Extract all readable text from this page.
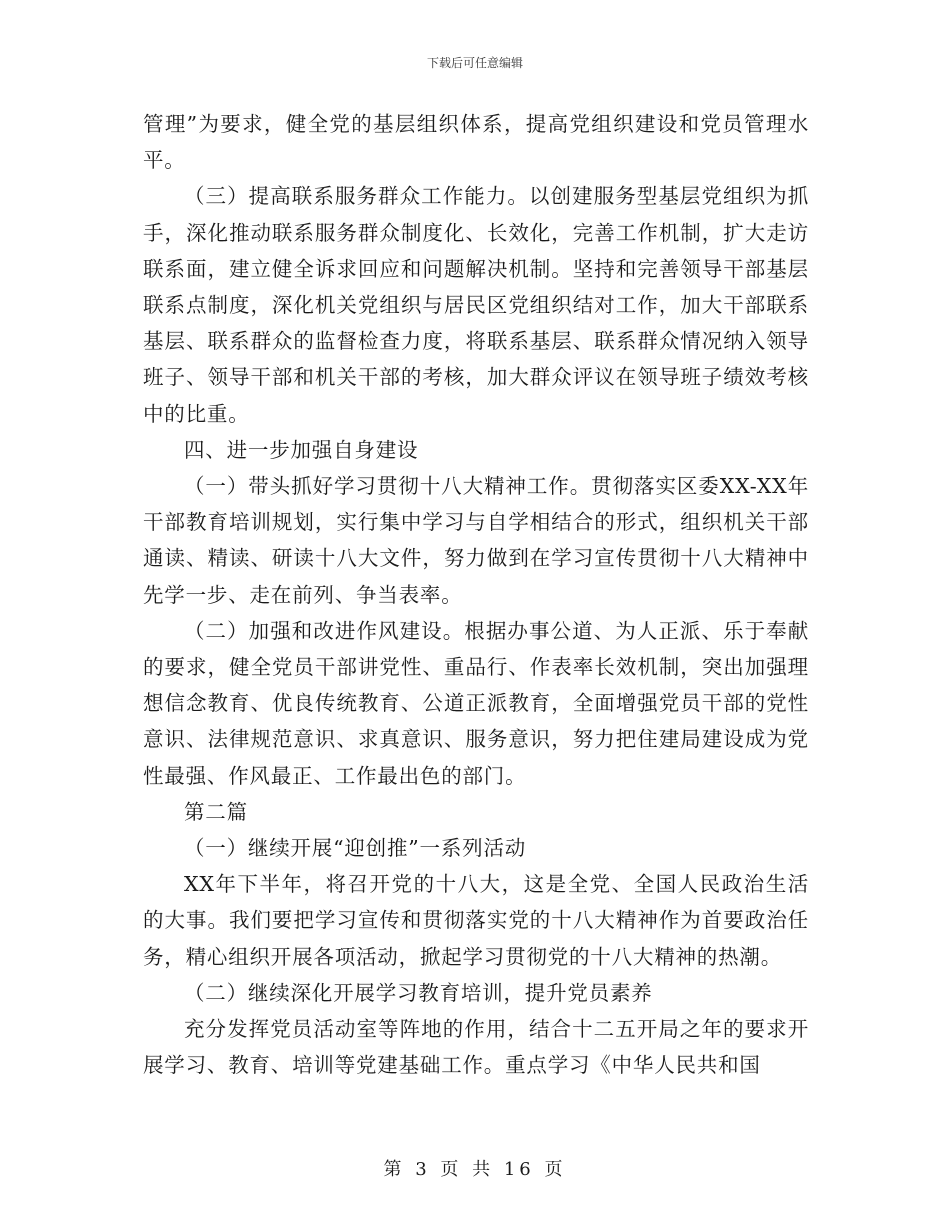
下载后可任意编辑

管理”为要求，健全党的基层组织体系，提高党组织建设和党员管理水平。

（三）提高联系服务群众工作能力。以创建服务型基层党组织为抓手，深化推动联系服务群众制度化、长效化，完善工作机制，扩大走访联系面，建立健全诉求回应和问题解决机制。坚持和完善领导干部基层联系点制度，深化机关党组织与居民区党组织结对工作，加大干部联系基层、联系群众的监督检查力度，将联系基层、联系群众情况纳入领导班子、领导干部和机关干部的考核，加大群众评议在领导班子绩效考核中的比重。

四、进一步加强自身建设

（一）带头抓好学习贯彻十八大精神工作。贯彻落实区委XX-XX年干部教育培训规划，实行集中学习与自学相结合的形式，组织机关干部通读、精读、研读十八大文件，努力做到在学习宣传贯彻十八大精神中先学一步、走在前列、争当表率。

（二）加强和改进作风建设。根据办事公道、为人正派、乐于奉献的要求，健全党员干部讲党性、重品行、作表率长效机制，突出加强理想信念教育、优良传统教育、公道正派教育，全面增强党员干部的党性意识、法律规范意识、求真意识、服务意识，努力把住建局建设成为党性最强、作风最正、工作最出色的部门。

第二篇

（一）继续开展“迎创推”一系列活动

XX年下半年，将召开党的十八大，这是全党、全国人民政治生活的大事。我们要把学习宣传和贯彻落实党的十八大精神作为首要政治任务，精心组织开展各项活动，掀起学习贯彻党的十八大精神的热潮。

（二）继续深化开展学习教育培训，提升党员素养

充分发挥党员活动室等阵地的作用，结合十二五开局之年的要求开展学习、教育、培训等党建基础工作。重点学习《中华人民共和国

第 3 页 共 16 页
